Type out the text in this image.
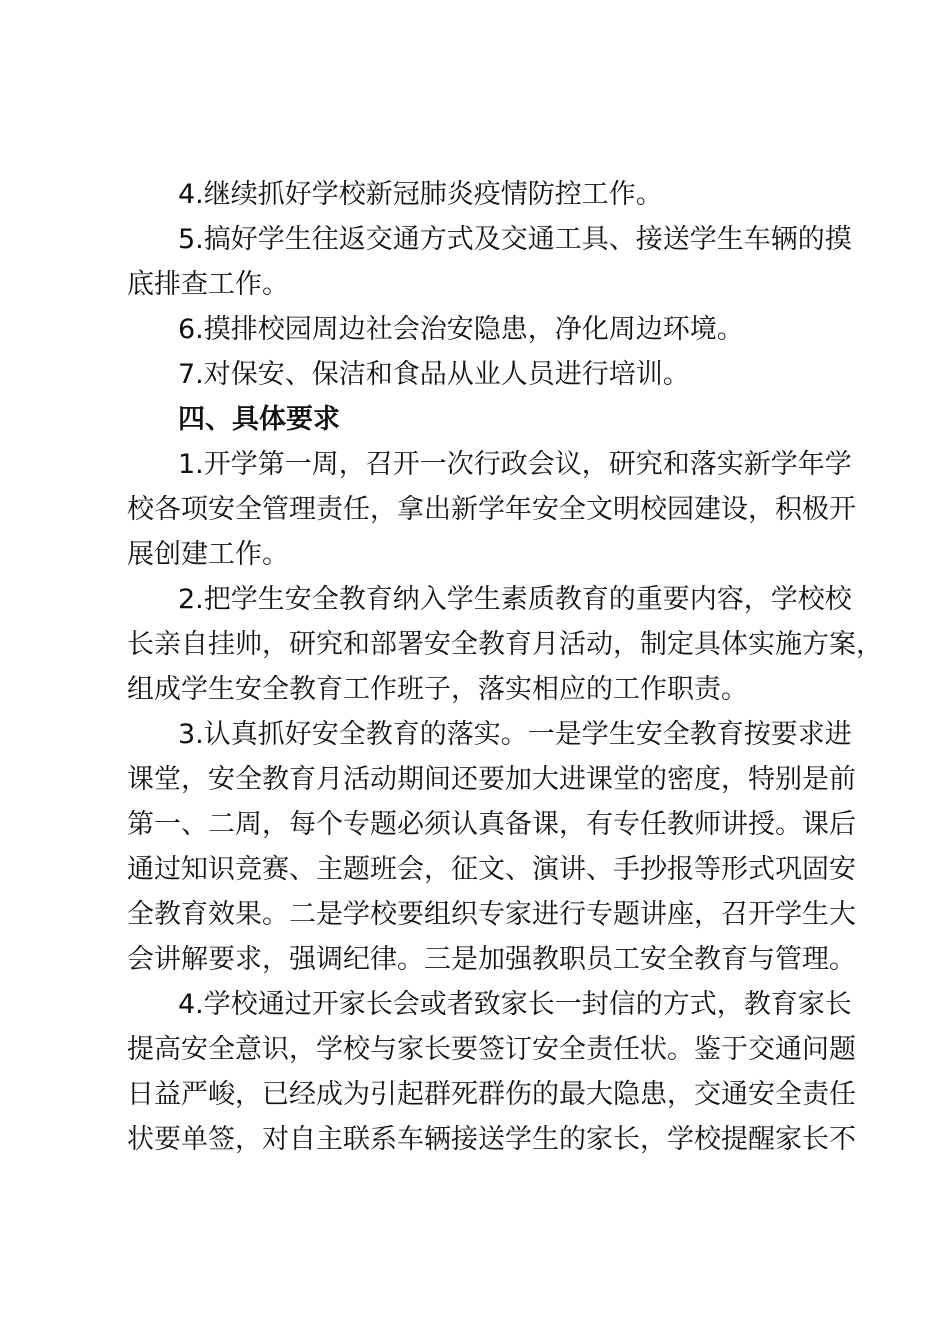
4.继续抓好学校新冠肺炎疫情防控工作。
5.搞好学生往返交通方式及交通工具、接送学生车辆的摸
底排查工作。
6.摸排校园周边社会治安隐患，净化周边环境。
7.对保安、保洁和食品从业人员进行培训。
四、具体要求
1.开学第一周，召开一次行政会议，研究和落实新学年学
校各项安全管理责任，拿出新学年安全文明校园建设，积极开
展创建工作。
2.把学生安全教育纳入学生素质教育的重要内容，学校校
长亲自挂帅，研究和部署安全教育月活动，制定具体实施方案，
组成学生安全教育工作班子，落实相应的工作职责。
3.认真抓好安全教育的落实。一是学生安全教育按要求进
课堂，安全教育月活动期间还要加大进课堂的密度，特别是前
第一、二周，每个专题必须认真备课，有专任教师讲授。课后
通过知识竞赛、主题班会，征文、演讲、手抄报等形式巩固安
全教育效果。二是学校要组织专家进行专题讲座，召开学生大
会讲解要求，强调纪律。三是加强教职员工安全教育与管理。
4.学校通过开家长会或者致家长一封信的方式，教育家长
提高安全意识，学校与家长要签订安全责任状。鉴于交通问题
日益严峻，已经成为引起群死群伤的最大隐患，交通安全责任
状要单签，对自主联系车辆接送学生的家长，学校提醒家长不
